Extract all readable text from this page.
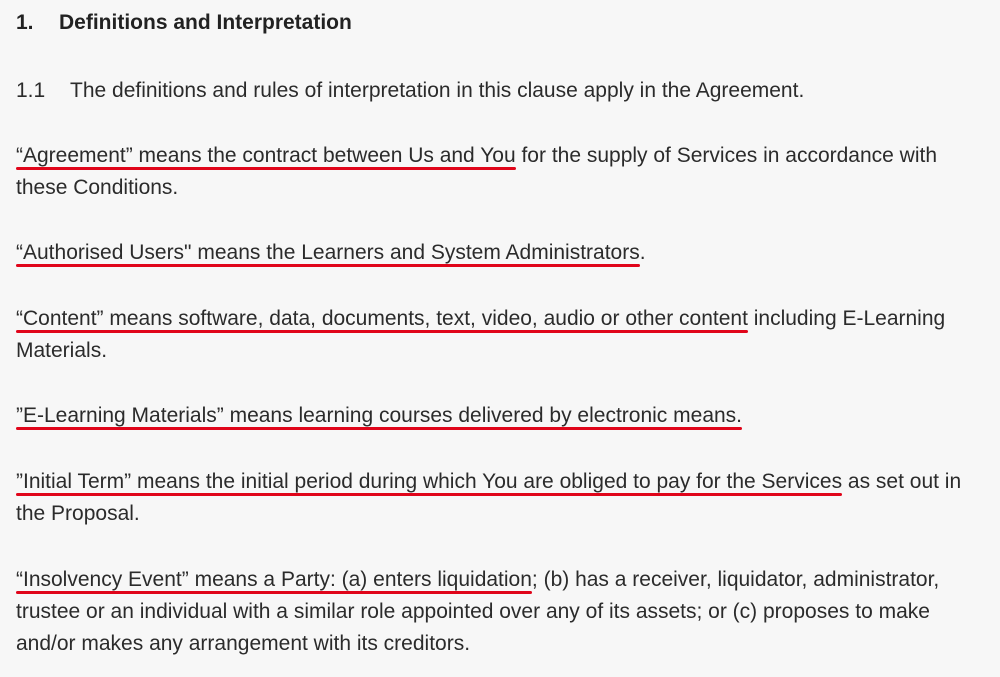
1. Definitions and Interpretation
1.1 The definitions and rules of interpretation in this clause apply in the Agreement.

“Agreement” means the contract between Us and You for the supply of Services in accordance with these Conditions.

“Authorised Users" means the Learners and System Administrators.

“Content” means software, data, documents, text, video, audio or other content including E-Learning Materials.

”E-Learning Materials” means learning courses delivered by electronic means.

”Initial Term” means the initial period during which You are obliged to pay for the Services as set out in the Proposal.

“Insolvency Event” means a Party: (a) enters liquidation; (b) has a receiver, liquidator, administrator, trustee or an individual with a similar role appointed over any of its assets; or (c) proposes to make and/or makes any arrangement with its creditors.
